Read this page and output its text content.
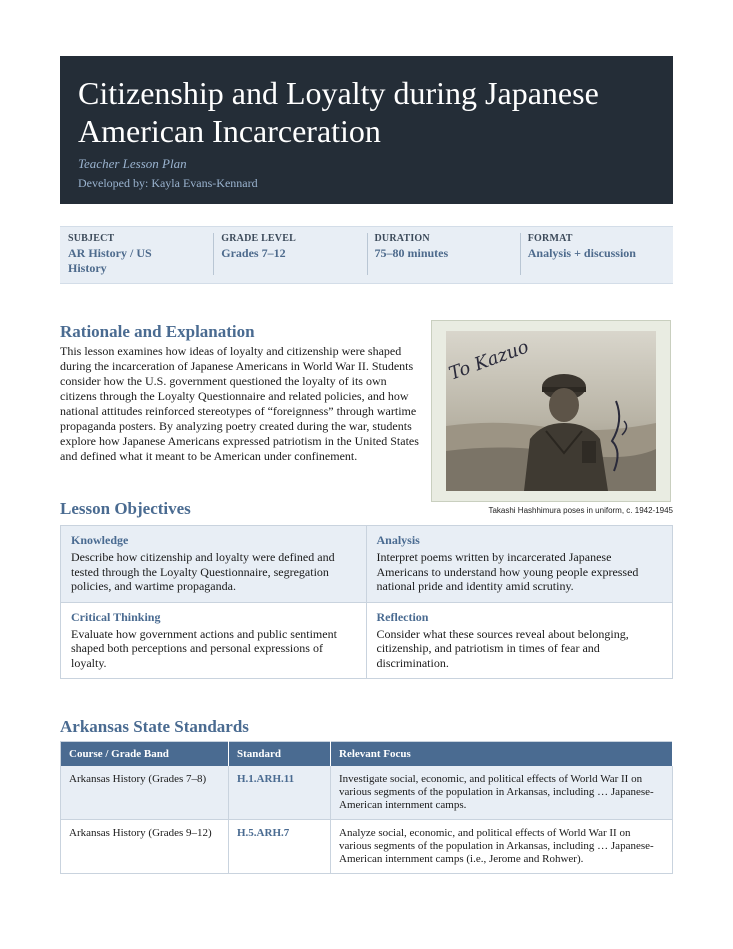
Citizenship and Loyalty during Japanese American Incarceration
Teacher Lesson Plan
Developed by: Kayla Evans-Kennard
SUBJECT
AR History / US History
GRADE LEVEL
Grades 7–12
DURATION
75–80 minutes
FORMAT
Analysis + discussion
Rationale and Explanation

This lesson examines how ideas of loyalty and citizenship were shaped during the incarceration of Japanese Americans in World War II. Students consider how the U.S. government questioned the loyalty of its own citizens through the Loyalty Questionnaire and related policies, and how national attitudes reinforced stereotypes of “foreignness” through wartime propaganda posters. By analyzing poetry created during the war, students explore how Japanese Americans expressed patriotism in the United States and defined what it meant to be American under confinement.

To Kazuo
Takashi Hashhimura poses in uniform, c. 1942-1945
Lesson Objectives
Knowledge
Describe how citizenship and loyalty were defined and tested through the Loyalty Questionnaire, segregation policies, and wartime propaganda.
Analysis
Interpret poems written by incarcerated Japanese Americans to understand how young people expressed national pride and identity amid scrutiny.
Critical Thinking
Evaluate how government actions and public sentiment shaped both perceptions and personal expressions of loyalty.
Reflection
Consider what these sources reveal about belonging, citizenship, and patriotism in times of fear and discrimination.
Arkansas State Standards
Course / Grade Band	Standard	Relevant Focus
Arkansas History (Grades 7–8)	H.1.ARH.11	Investigate social, economic, and political effects of World War II on various segments of the population in Arkansas, including … Japanese-American internment camps.
Arkansas History (Grades 9–12)	H.5.ARH.7	Analyze social, economic, and political effects of World War II on various segments of the population in Arkansas, including … Japanese-American internment camps (i.e., Jerome and Rohwer).
